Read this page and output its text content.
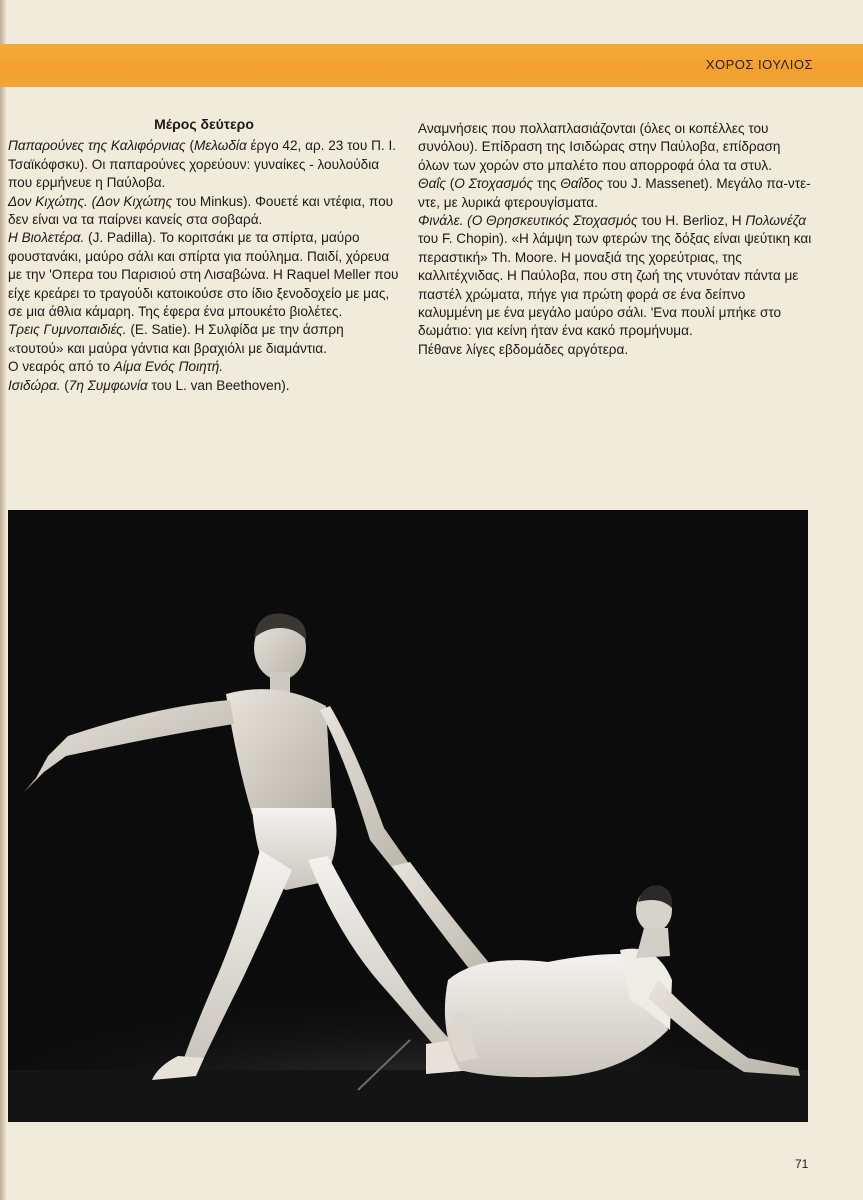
ΧΟΡΟΣ ΙΟΥΛΙΟΣ

Μέρος δεύτερο

Παπαρούνες της Καλιφόρνιας (Μελωδία έργο 42, αρ. 23 του Π. Ι. Τσαϊκόφσκυ). Οι παπαρούνες χορεύουν: γυναίκες - λουλούδια που ερμήνευε η Παύλοβα.

Δον Κιχώτης. (Δον Κιχώτης του Minkus). Φουετέ και ντέφια, που δεν είναι να τα παίρνει κανείς στα σοβαρά.

Η Βιολετέρα. (J. Padilla). Το κοριτσάκι με τα σπίρτα, μαύρο φουστανάκι, μαύρο σάλι και σπίρτα για πούλημα. Παιδί, χόρευα με την 'Οπερα του Παρισιού στη Λισαβώνα. Η Raquel Meller που είχε κρεάρει το τραγούδι κατοικούσε στο ίδιο ξενοδοχείο με μας, σε μια άθλια κάμαρη. Της έφερα ένα μπουκέτο βιολέτες.

Τρεις Γυμνοπαιδιές. (E. Satie). Η Συλφίδα με την άσπρη «τουτού» και μαύρα γάντια και βραχιόλι με διαμάντια.

Ο νεαρός από το Αίμα Ενός Ποιητή.

Ισιδώρα. (7η Συμφωνία του L. van Beethoven).

Αναμνήσεις που πολλαπλασιάζονται (όλες οι κοπέλλες του συνόλου). Επίδραση της Ισιδώρας στην Παύλοβα, επίδραση όλων των χορών στο μπαλέτο που απορροφά όλα τα στυλ.

Θαΐς (Ο Στοχασμός της Θαΐδος του J. Massenet). Μεγάλο πα-ντε-ντε, με λυρικά φτερουγίσματα.

Φινάλε. (Ο Θρησκευτικός Στοχασμός του H. Berlioz, Η Πολωνέζα του F. Chopin). «Η λάμψη των φτερών της δόξας είναι ψεύτικη και περαστική» Th. Moore. Η μοναξιά της χορεύτριας, της καλλιτέχνιδας. Η Παύλοβα, που στη ζωή της ντυνόταν πάντα με παστέλ χρώματα, πήγε για πρώτη φορά σε ένα δείπνο καλυμμένη με ένα μεγάλο μαύρο σάλι. 'Ενα πουλί μπήκε στο δωμάτιο: για κείνη ήταν ένα κακό προμήνυμα.

Πέθανε λίγες εβδομάδες αργότερα.

71
